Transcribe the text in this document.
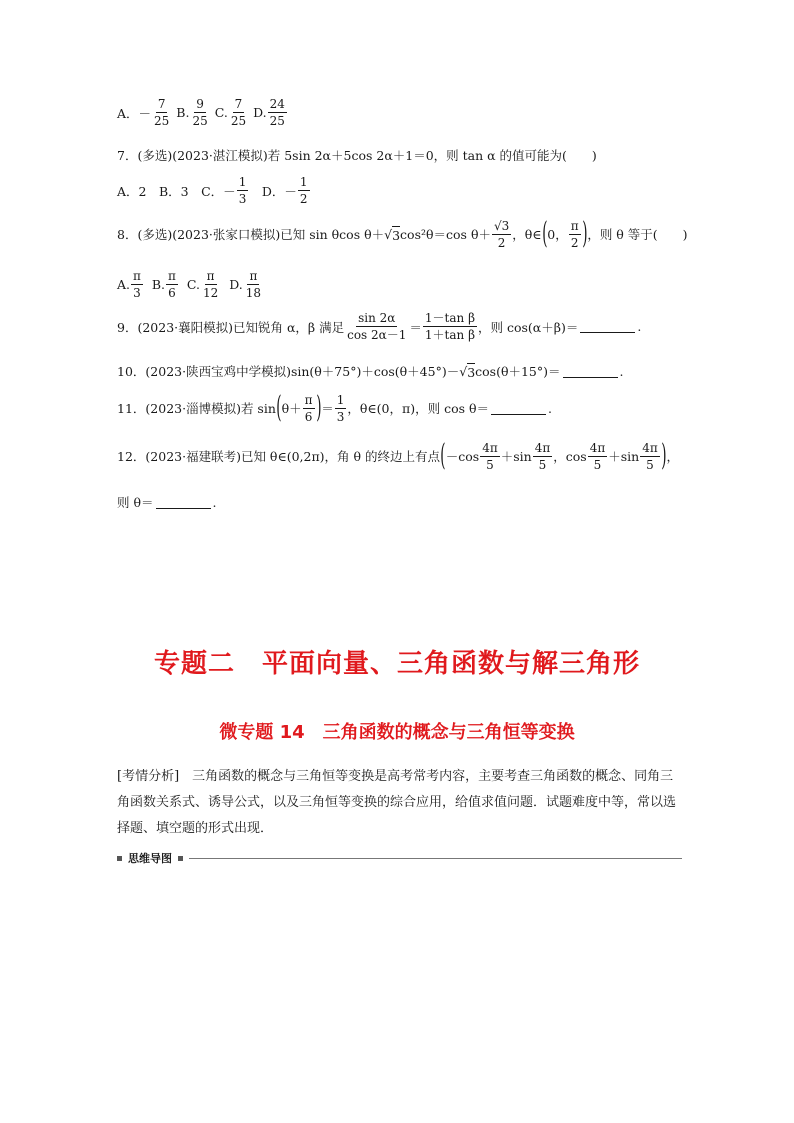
A．－ $\frac{7}{25}$
B. $\frac{9}{25}$
C. $\frac{7}{25}$
D. $\frac{24}{25}$
7．(多选)(2023·湛江模拟)若 5sin 2α＋5cos 2α＋1＝0，则 tan α 的值可能为(　　)
A．2　B．3　C．－ $\frac{1}{3}$ 　D．－ $\frac{1}{2}$
8．(多选)(2023·张家口模拟)已知 sin θcos θ＋ √ 3 cos²θ＝cos $\theta+ \frac{√3}{2}$ ，θ∈ ( 0， $\frac{\pi}{2}$ ) ，则 θ 等于(　　)
A. $\frac{\pi}{3}$
B. $\frac{\pi}{6}$
C. $\frac{\pi}{12}$
D. $\frac{\pi}{18}$
9．(2023·襄阳模拟)已知锐角 α，β 满足 $\frac{\sin 2\alpha}{\cos 2\alpha-1} = \frac{\text{1－tan β}}{\text{1＋tan β}}$ ，则 cos(α＋β)＝	.
10．(2023·陕西宝鸡中学模拟)sin(θ＋75°)＋cos(θ＋45°)－ √ 3 cos(θ＋15°)＝	.
11．(2023·淄博模拟)若 sin ( $\theta+ \frac{\pi}{6}$ ) ＝ $\frac{1}{3}$ ，θ∈(0，π)，则 cos θ＝	.
12．(2023·福建联考)已知 θ∈(0,2π)，角 θ 的终边上有点 ( $-\cos \frac{4\pi}{5} +\sin \frac{4\pi}{5}$ ，$\cos \frac{4\pi}{5} +\sin \frac{4\pi}{5}$ ) ，
则 θ＝	.
专题二　平面向量、三角函数与解三角形
微专题 14　三角函数的概念与三角恒等变换
[考情分析]　三角函数的概念与三角恒等变换是高考常考内容，主要考查三角函数的概念、同角三角函数关系式、诱导公式，以及三角恒等变换的综合应用，给值求值问题．试题难度中等，常以选择题、填空题的形式出现．
思维导图
